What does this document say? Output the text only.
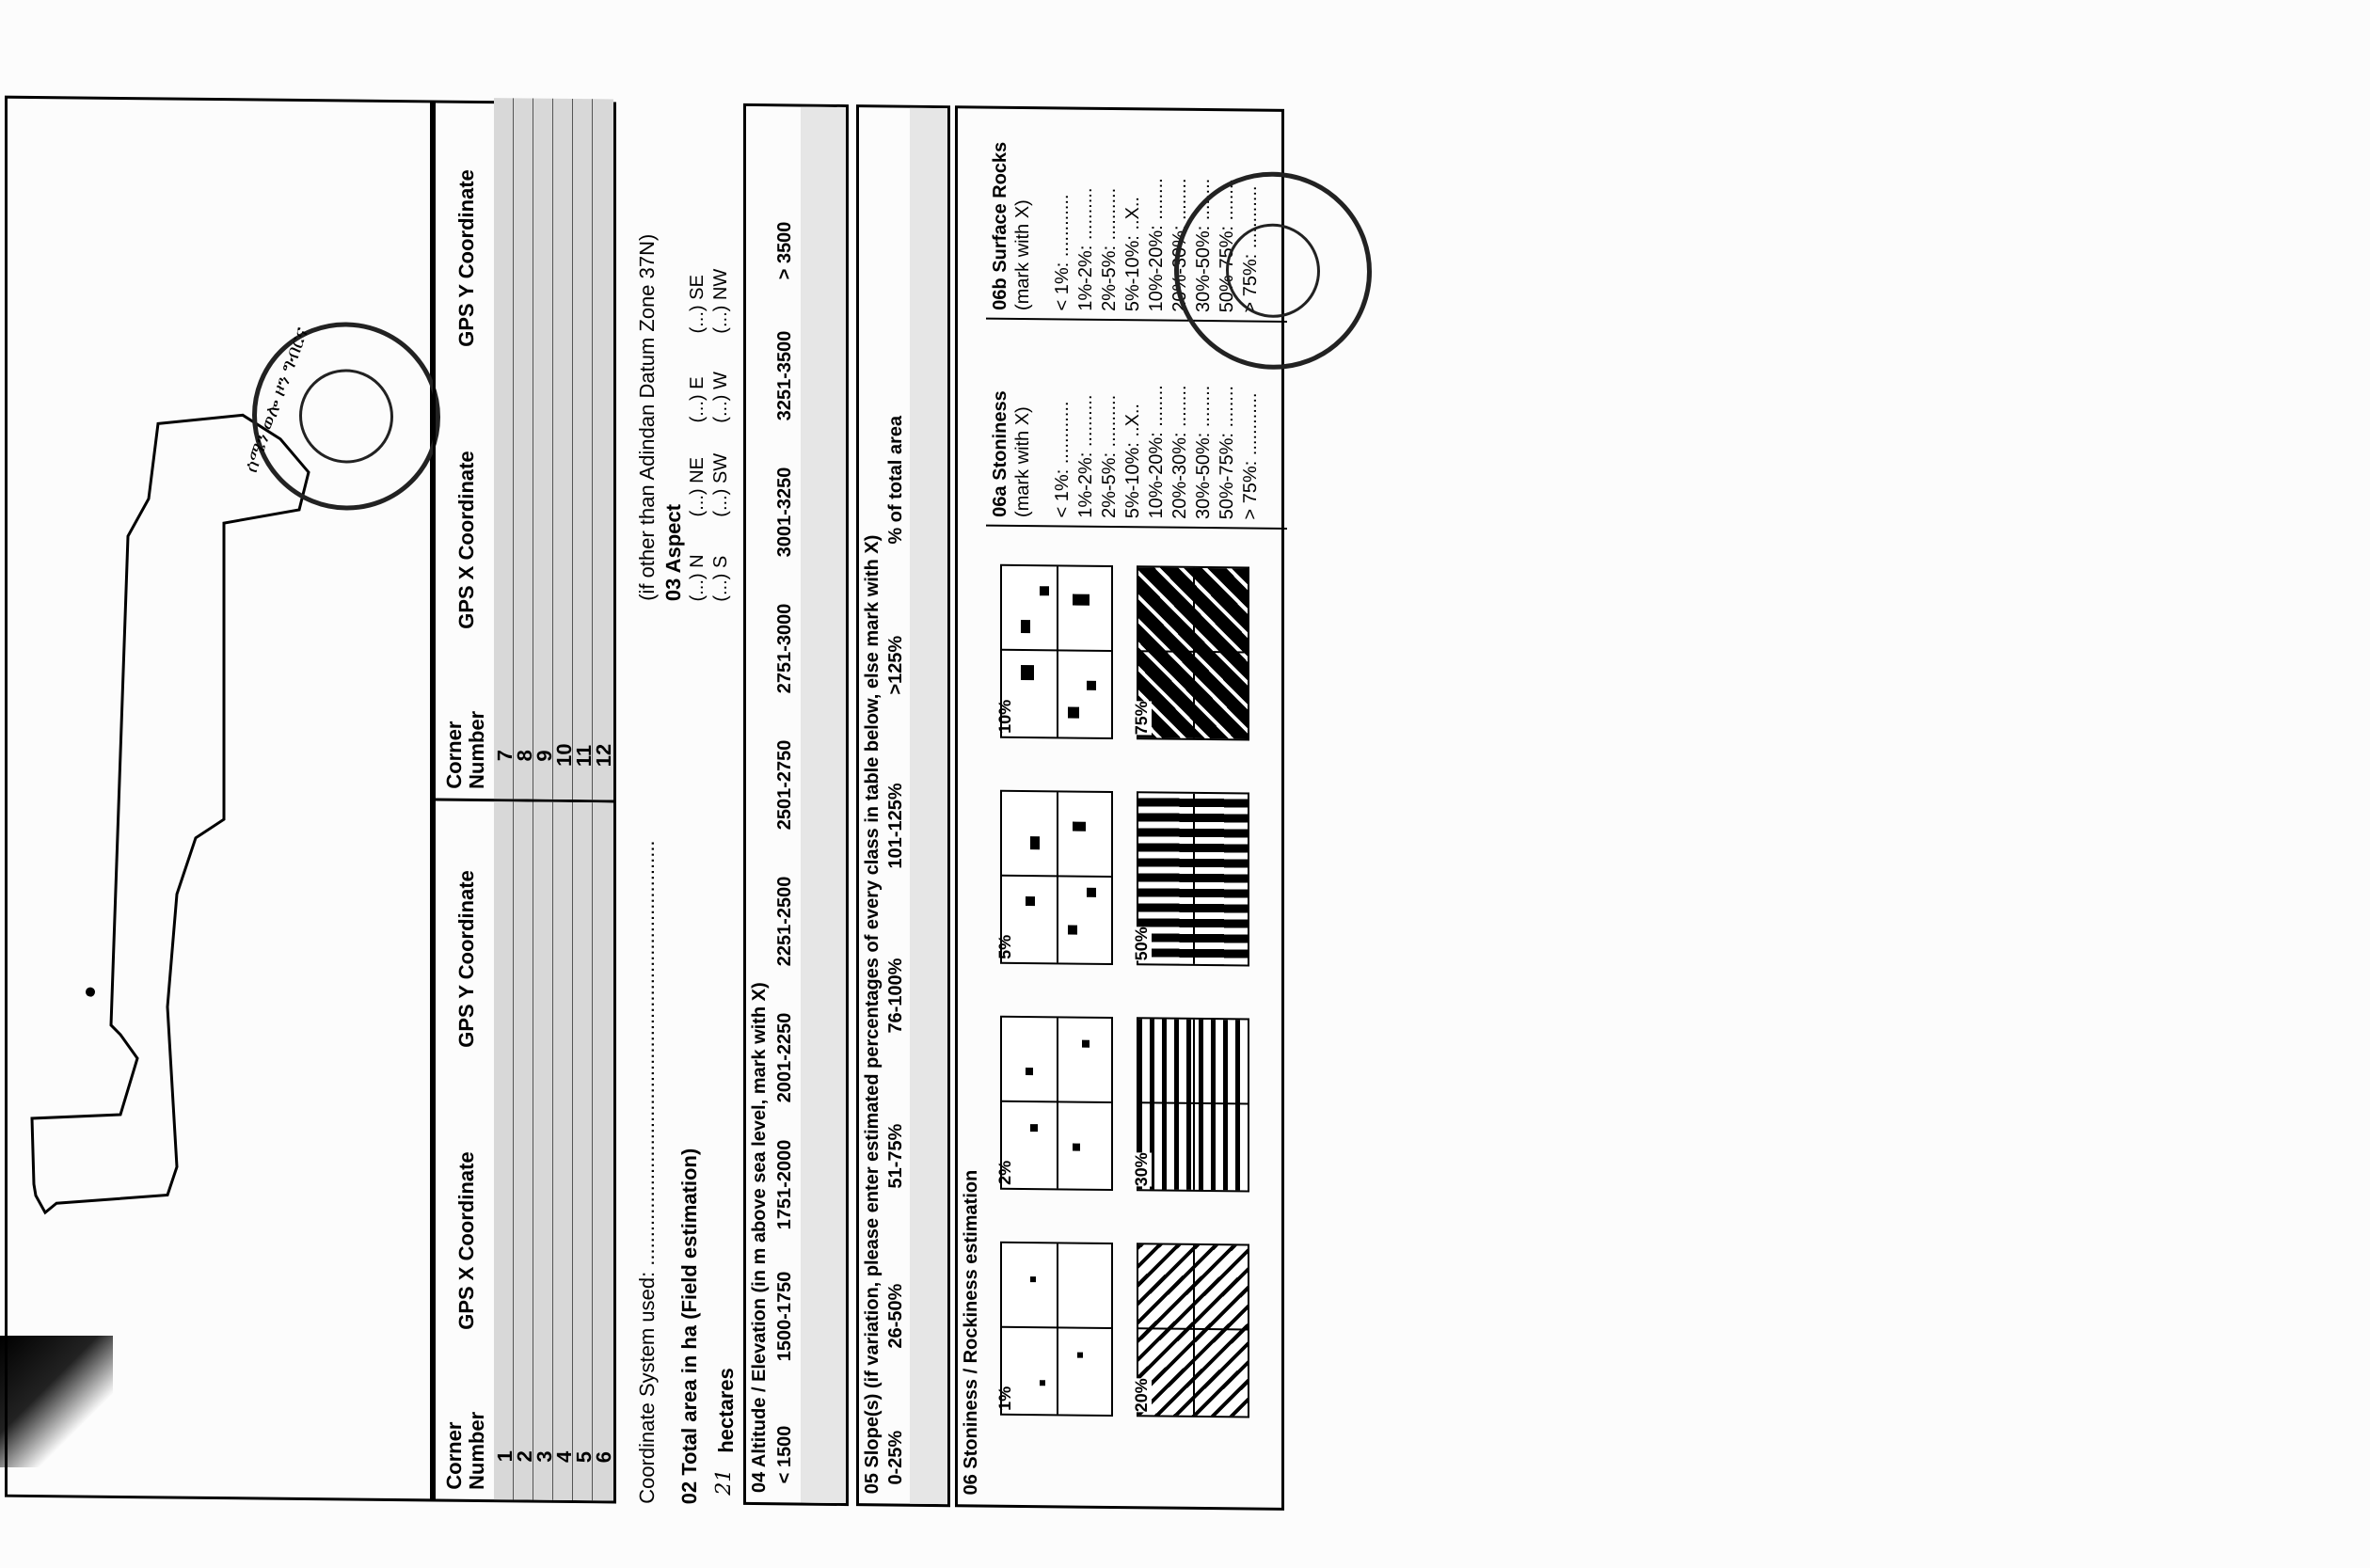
ሰሜን ወሎ ዞን ግብርና
Corner Number
GPS X Coordinate
GPS Y Coordinate
1
2
3
4
5
6
Corner Number
GPS X Coordinate
GPS Y Coordinate
7
8
9
10
11
12
Coordinate System used: ..........................................................................
(if other than Adindan Datum Zone 37N)
02 Total area in ha (Field estimation) 21
hectares
03 Aspect (...) N (...) S
(...) NE (...) SW
(...) E (...) W
(...) SE (...) NW
04 Altitude / Elevation (in m above sea level, mark with X) < 1500
1500-1750
1751-2000
2001-2250
2251-2500
2501-2750
2751-3000
3001-3250
3251-3500
> 3500
05 Slope(s) (if variation, please enter estimated percentages of every class in table below, else mark with X) 0-25%
26-50%
51-75%
76-100%
101-125%
>125%
% of total area
06 Stoniness / Rockiness estimation 1%
2%
5%
10%
20%
30%
50%
75%
06a Stoniness (mark with X) < 1%: ............ 1%-2%: .......... 2%-5%: .......... 5%-10%: ..X.. 10%-20%: ........ 20%-30%: ........ 30%-50%: ........ 50%-75%: ........ > 75%: ............
06b Surface Rocks (mark with X) < 1%: ............ 1%-2%: .......... 2%-5%: .......... 5%-10%: ..X.. 10%-20%: ........ 20%-30%: ........ 30%-50%: ........ 50%-75%: ........ > 75%: ............
